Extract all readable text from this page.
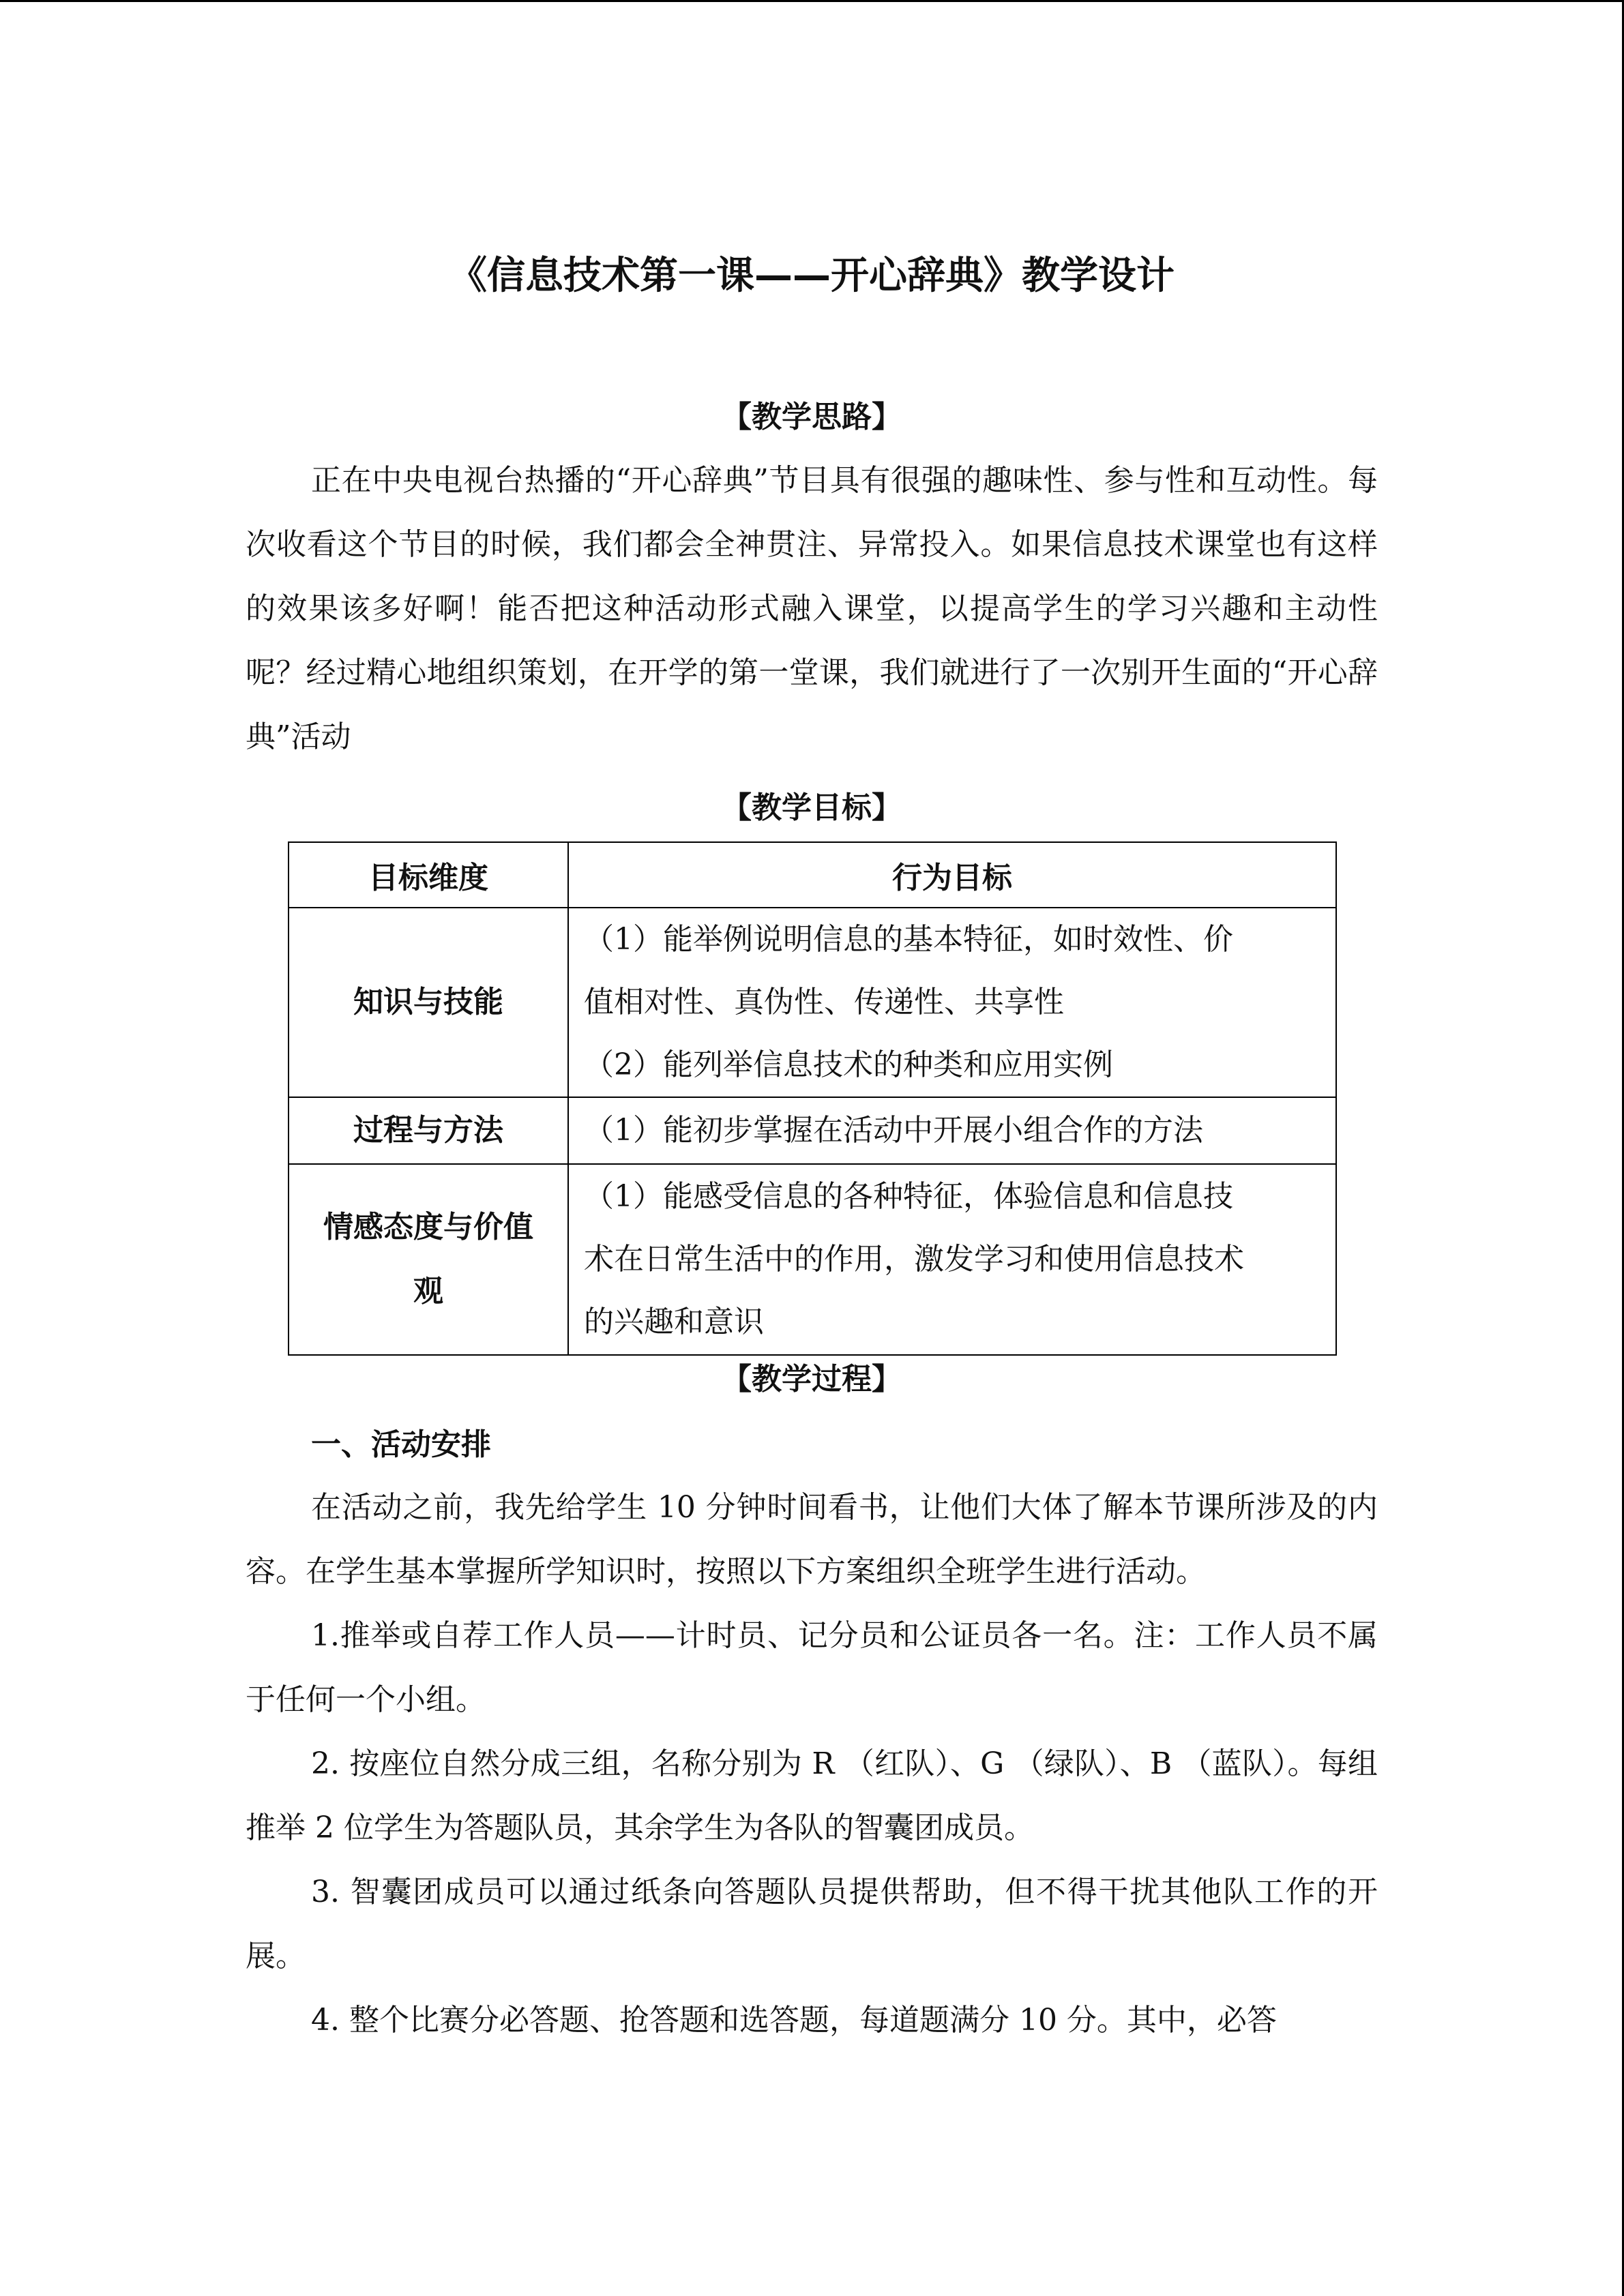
《信息技术第一课——开心辞典》教学设计
【教学思路】

正在中央电视台热播的“开心辞典”节目具有很强的趣味性、参与性和互动性。每次收看这个节目的时候，我们都会全神贯注、异常投入。如果信息技术课堂也有这样的效果该多好啊！能否把这种活动形式融入课堂，以提高学生的学习兴趣和主动性呢？经过精心地组织策划，在开学的第一堂课，我们就进行了一次别开生面的“开心辞典”活动

【教学目标】
目标维度	行为目标
知识与技能	（1）能举例说明信息的基本特征，如时效性、价
值相对性、真伪性、传递性、共享性
（2）能列举信息技术的种类和应用实例

过程与方法	（1）能初步掌握在活动中开展小组合作的方法

情感态度与价值
观	（1）能感受信息的各种特征，体验信息和信息技
术在日常生活中的作用，激发学习和使用信息技术
的兴趣和意识
【教学过程】
一、活动安排

在活动之前，我先给学生 10 分钟时间看书，让他们大体了解本节课所涉及的内容。在学生基本掌握所学知识时，按照以下方案组织全班学生进行活动。

1.推举或自荐工作人员——计时员、记分员和公证员各一名。注：工作人员不属于任何一个小组。

2. 按座位自然分成三组，名称分别为 R （红队）、G （绿队）、B （蓝队）。每组推举 2 位学生为答题队员，其余学生为各队的智囊团成员。

3. 智囊团成员可以通过纸条向答题队员提供帮助，但不得干扰其他队工作的开展。

4. 整个比赛分必答题、抢答题和选答题，每道题满分 10 分。其中，必答
